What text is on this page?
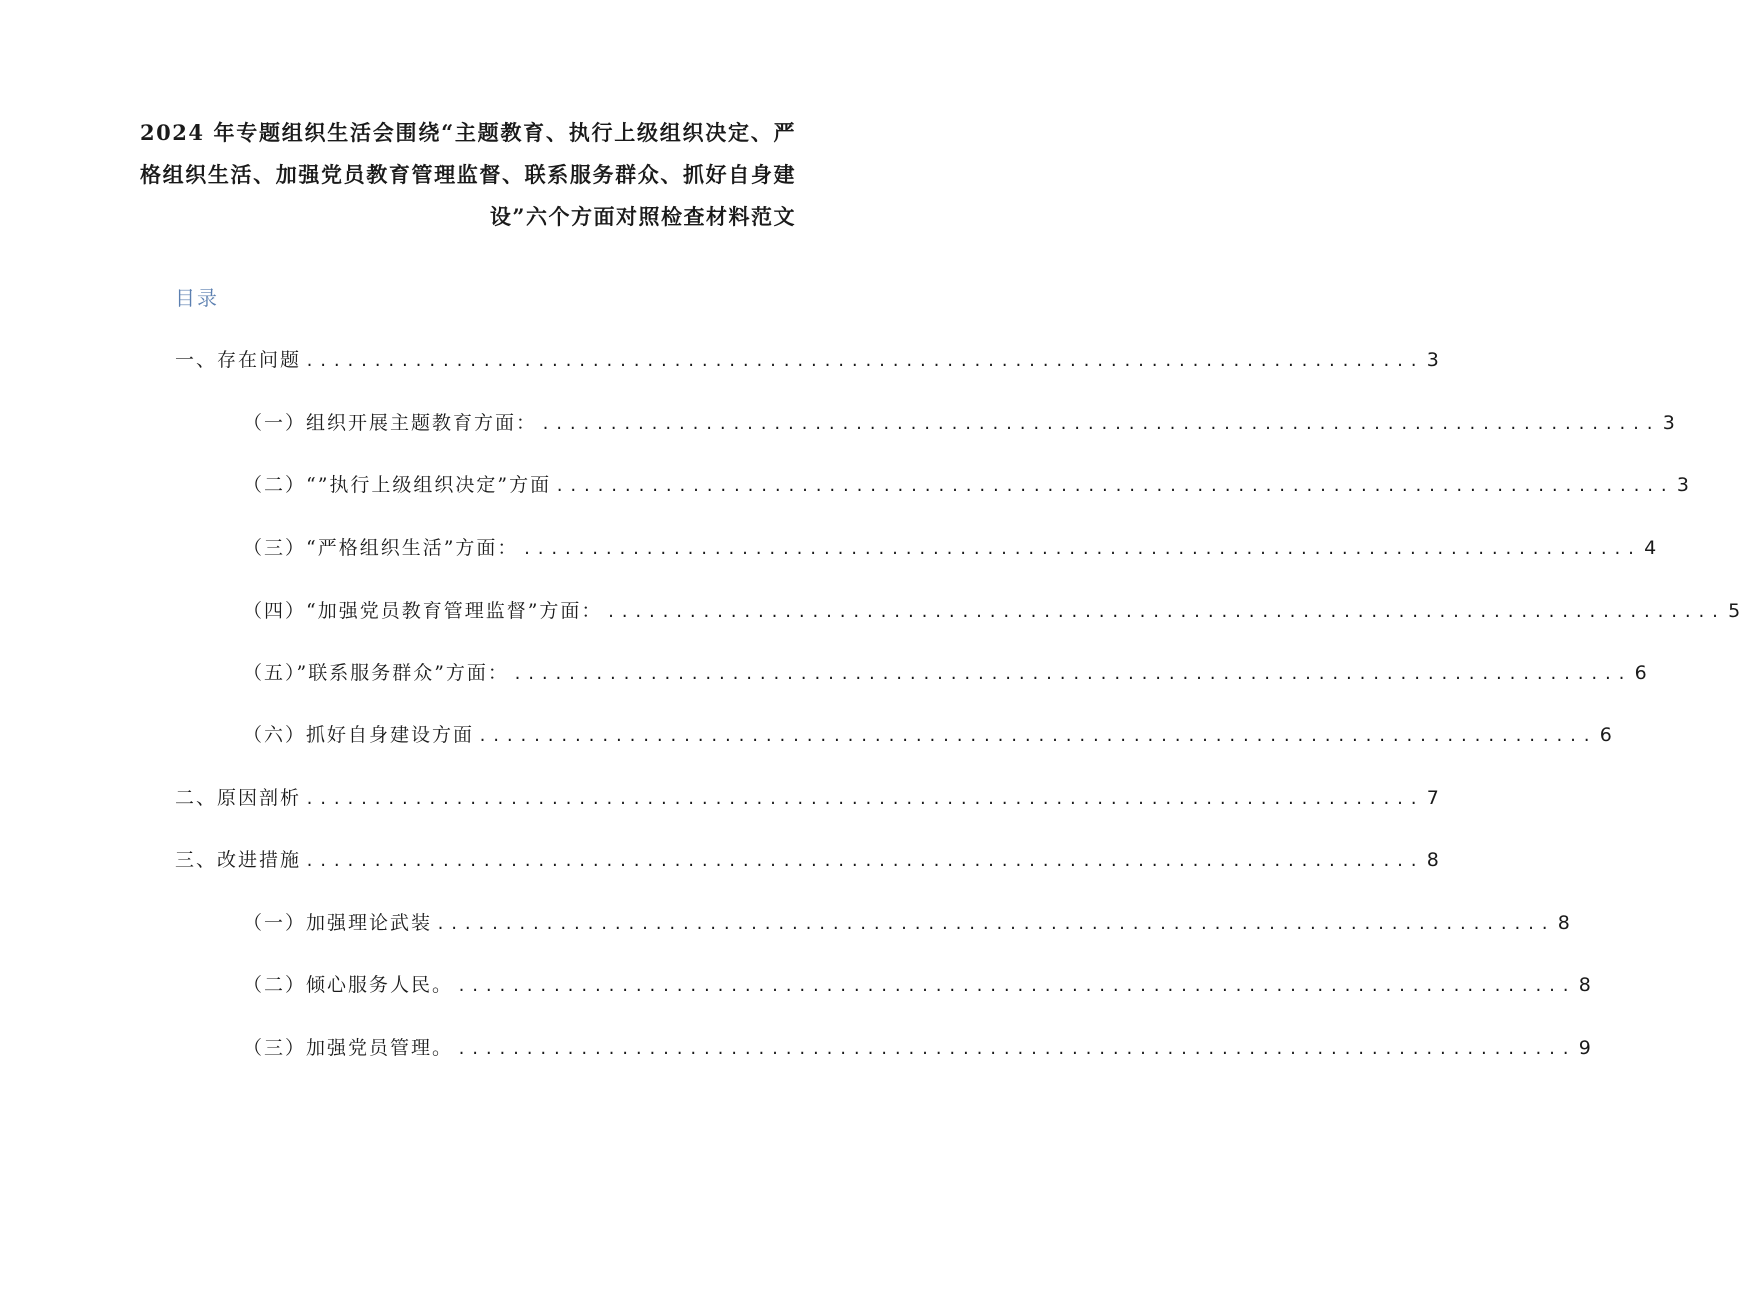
2024 年专题组织生活会围绕“主题教育、执行上级组织决定、严格组织生活、加强党员教育管理监督、联系服务群众、抓好自身建设”六个方面对照检查材料范文
目录
一、存在问题 .................................................................................. 3
（一）组织开展主题教育方面： .................................................................................. 3
（二）“”执行上级组织决定”方面 .................................................................................. 3
（三）“严格组织生活”方面： .................................................................................. 4
（四）“加强党员教育管理监督”方面： .................................................................................. 5
（五）”联系服务群众”方面： .................................................................................. 6
（六）抓好自身建设方面 .................................................................................. 6
二、原因剖析 .................................................................................. 7
三、改进措施 .................................................................................. 8
（一）加强理论武装 .................................................................................. 8
（二）倾心服务人民。 .................................................................................. 8
（三）加强党员管理。 .................................................................................. 9
